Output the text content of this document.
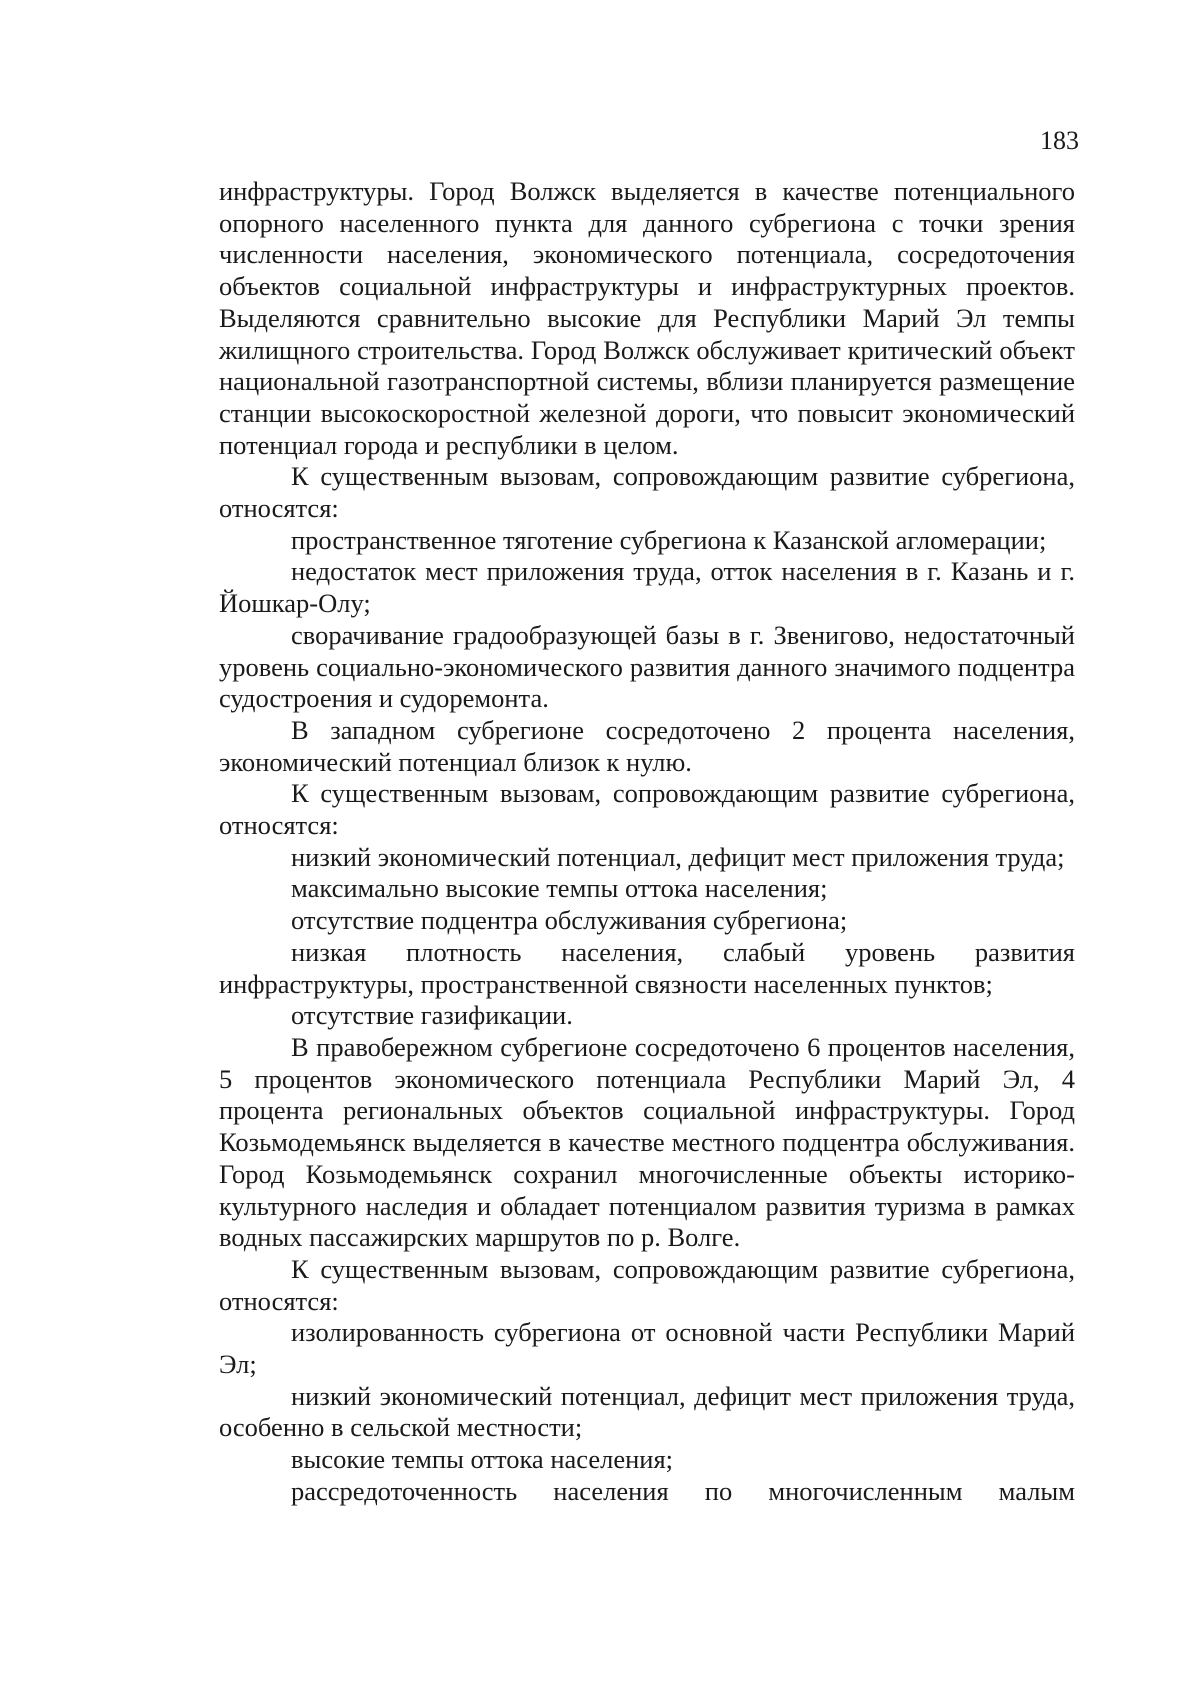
183

инфраструктуры. Город Волжск выделяется в качестве потенциального опорного населенного пункта для данного субрегиона с точки зрения численности населения, экономического потенциала, сосредоточения объектов социальной инфраструктуры и инфраструктурных проектов. Выделяются сравнительно высокие для Республики Марий Эл темпы жилищного строительства. Город Волжск обслуживает критический объект национальной газотранспортной системы, вблизи планируется размещение станции высокоскоростной железной дороги, что повысит экономический потенциал города и республики в целом.

К существенным вызовам, сопровождающим развитие субрегиона, относятся:

пространственное тяготение субрегиона к Казанской агломерации;

недостаток мест приложения труда, отток населения в г. Казань и г. Йошкар-Олу;

сворачивание градообразующей базы в г. Звенигово, недостаточный уровень социально-экономического развития данного значимого подцентра судостроения и судоремонта.

В западном субрегионе сосредоточено 2 процента населения, экономический потенциал близок к нулю.

К существенным вызовам, сопровождающим развитие субрегиона, относятся:

низкий экономический потенциал, дефицит мест приложения труда;

максимально высокие темпы оттока населения;

отсутствие подцентра обслуживания субрегиона;

низкая плотность населения, слабый уровень развития инфраструктуры, пространственной связности населенных пунктов;

отсутствие газификации.

В правобережном субрегионе сосредоточено 6 процентов населения, 5 процентов экономического потенциала Республики Марий Эл, 4 процента региональных объектов социальной инфраструктуры. Город Козьмодемьянск выделяется в качестве местного подцентра обслуживания. Город Козьмодемьянск сохранил многочисленные объекты историко-культурного наследия и обладает потенциалом развития туризма в рамках водных пассажирских маршрутов по р. Волге.

К существенным вызовам, сопровождающим развитие субрегиона, относятся:

изолированность субрегиона от основной части Республики Марий Эл;

низкий экономический потенциал, дефицит мест приложения труда, особенно в сельской местности;

высокие темпы оттока населения;

рассредоточенность населения по многочисленным малым
